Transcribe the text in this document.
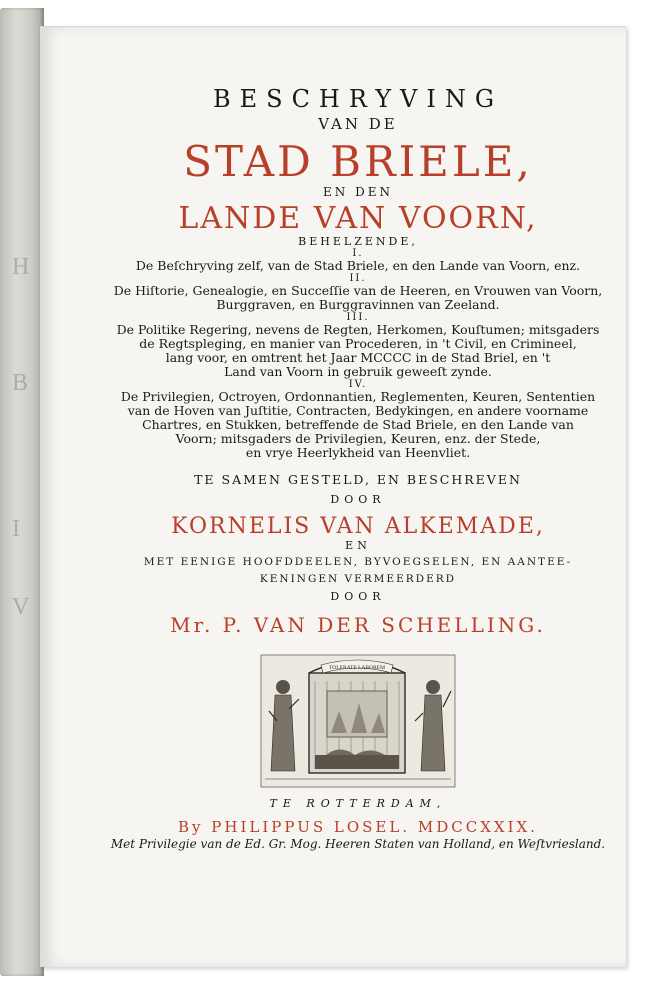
H
B
I
V
BESCHRYVING
VAN DE
STAD BRIELE,
EN DEN
LANDE VAN VOORN,
BEHELZENDE,
I.
De Beſchryving zelf, van de Stad Briele, en den Lande van Voorn, enz.
II.
De Hiſtorie, Genealogie, en Succeſſie van de Heeren, en Vrouwen van Voorn,
Burggraven, en Burggravinnen van Zeeland.
III.
De Politike Regering, nevens de Regten, Herkomen, Kouſtumen; mitsgaders
de Regtspleging, en manier van Procederen, in 't Civil, en Crimineel,
lang voor, en omtrent het Jaar MCCCC in de Stad Briel, en 't
Land van Voorn in gebruik geweeſt zynde.
IV.
De Privilegien, Octroyen, Ordonnantien, Reglementen, Keuren, Sententien
van de Hoven van Juſtitie, Contracten, Bedykingen, en andere voorname
Chartres, en Stukken, betreffende de Stad Briele, en den Lande van
Voorn; mitsgaders de Privilegien, Keuren, enz. der Stede,
en vrye Heerlykheid van Heenvliet.
TE SAMEN GESTELD, EN BESCHREVEN
DOOR
KORNELIS VAN ALKEMADE,
EN
MET EENIGE HOOFDDEELEN, BYVOEGSELEN, EN AANTEE-
KENINGEN VERMEERDERD
DOOR
Mr. P. VAN DER SCHELLING.
TOLERATE LABOREM
TE ROTTERDAM,
By PHILIPPUS LOSEL. MDCCXXIX.
Met Privilegie van de Ed. Gr. Mog. Heeren Staten van Holland, en Weſtvriesland.
